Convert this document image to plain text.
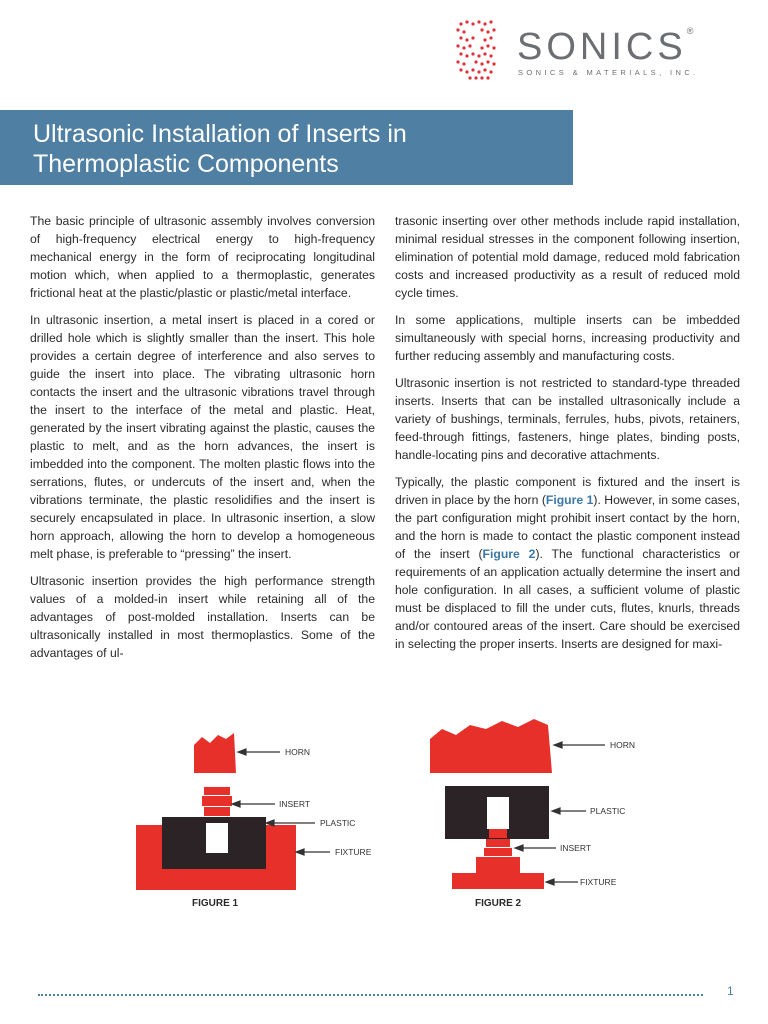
SONICS®
SONICS & MATERIALS, INC.
Ultrasonic Installation of Inserts in
Thermoplastic Components

The basic principle of ultrasonic assembly involves conversion of high-frequency electrical energy to high-frequency mechanical energy in the form of reciprocating longitudinal motion which, when applied to a thermoplastic, generates frictional heat at the plastic/plastic or plastic/metal interface.

In ultrasonic insertion, a metal insert is placed in a cored or drilled hole which is slightly smaller than the insert. This hole provides a certain degree of interference and also serves to guide the insert into place. The vibrating ultrasonic horn contacts the insert and the ultrasonic vibrations travel through the insert to the interface of the metal and plastic. Heat, generated by the insert vibrating against the plastic, causes the plastic to melt, and as the horn advances, the insert is imbedded into the component. The molten plastic flows into the serrations, flutes, or undercuts of the insert and, when the vibrations terminate, the plastic resolidifies and the insert is securely encapsulated in place. In ultrasonic insertion, a slow horn approach, allowing the horn to develop a homogeneous melt phase, is preferable to “pressing” the insert.

Ultrasonic insertion provides the high performance strength values of a molded-in insert while retaining all of the advantages of post-molded installation. Inserts can be ultrasonically installed in most thermoplastics. Some of the advantages of ul-

trasonic inserting over other methods include rapid installation, minimal residual stresses in the component following insertion, elimination of potential mold damage, reduced mold fabrication costs and increased productivity as a result of reduced mold cycle times.

In some applications, multiple inserts can be imbedded simultaneously with special horns, increasing productivity and further reducing assembly and manufacturing costs.

Ultrasonic insertion is not restricted to standard-type threaded inserts. Inserts that can be installed ultrasonically include a variety of bushings, terminals, ferrules, hubs, pivots, retainers, feed-through fittings, fasteners, hinge plates, binding posts, handle-locating pins and decorative attachments.

Typically, the plastic component is fixtured and the insert is driven in place by the horn (Figure 1). However, in some cases, the part configuration might prohibit insert contact by the horn, and the horn is made to contact the plastic component instead of the insert (Figure 2). The functional characteristics or requirements of an application actually determine the insert and hole configuration. In all cases, a sufficient volume of plastic must be displaced to fill the under cuts, flutes, knurls, threads and/or contoured areas of the insert. Care should be exercised in selecting the proper inserts. Inserts are designed for maxi-

HORN
INSERT
PLASTIC
FIXTURE
FIGURE 1
HORN
PLASTIC
INSERT
FIXTURE
FIGURE 2
1
